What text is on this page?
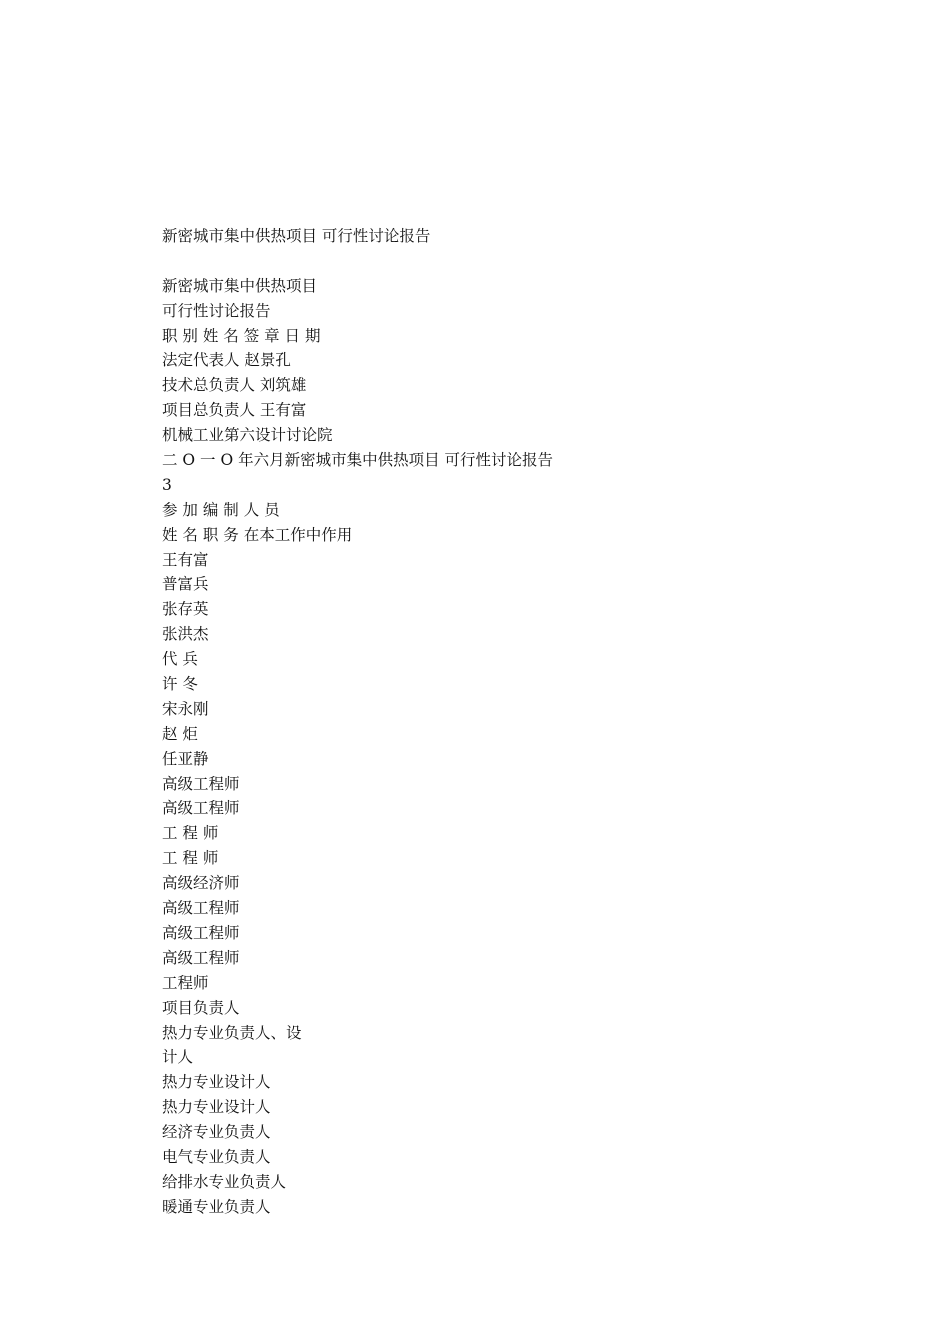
新密城市集中供热项目 可行性讨论报告
新密城市集中供热项目
可行性讨论报告
职 别 姓 名 签 章 日 期
法定代表人 赵景孔
技术总负责人 刘筑雄
项目总负责人 王有富
机械工业第六设计讨论院
二 O 一 O 年六月新密城市集中供热项目 可行性讨论报告
3
参 加 编 制 人 员
姓 名 职 务 在本工作中作用
王有富
普富兵
张存英
张洪杰
代 兵
许 冬
宋永刚
赵 炬
任亚静
高级工程师
高级工程师
工 程 师
工 程 师
高级经济师
高级工程师
高级工程师
高级工程师
工程师
项目负责人
热力专业负责人、设
计人
热力专业设计人
热力专业设计人
经济专业负责人
电气专业负责人
给排水专业负责人
暖通专业负责人
